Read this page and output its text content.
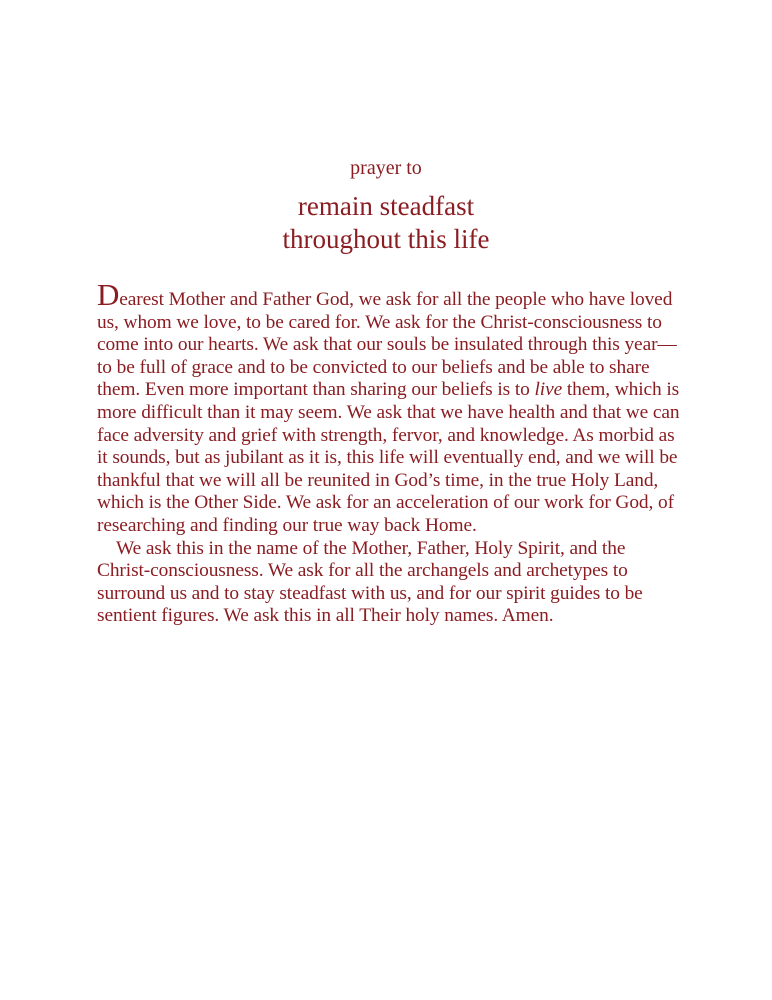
prayer to
remain steadfast
throughout this life

Dearest Mother and Father God, we ask for all the people who have loved
us, whom we love, to be cared for. We ask for the Christ-consciousness to
come into our hearts. We ask that our souls be insulated through this year—
to be full of grace and to be convicted to our beliefs and be able to share
them. Even more important than sharing our beliefs is to live them, which is
more difficult than it may seem. We ask that we have health and that we can
face adversity and grief with strength, fervor, and knowledge. As morbid as
it sounds, but as jubilant as it is, this life will eventually end, and we will be
thankful that we will all be reunited in God’s time, in the true Holy Land,
which is the Other Side. We ask for an acceleration of our work for God, of
researching and finding our true way back Home.

We ask this in the name of the Mother, Father, Holy Spirit, and the
Christ-consciousness. We ask for all the archangels and archetypes to
surround us and to stay steadfast with us, and for our spirit guides to be
sentient figures. We ask this in all Their holy names. Amen.
